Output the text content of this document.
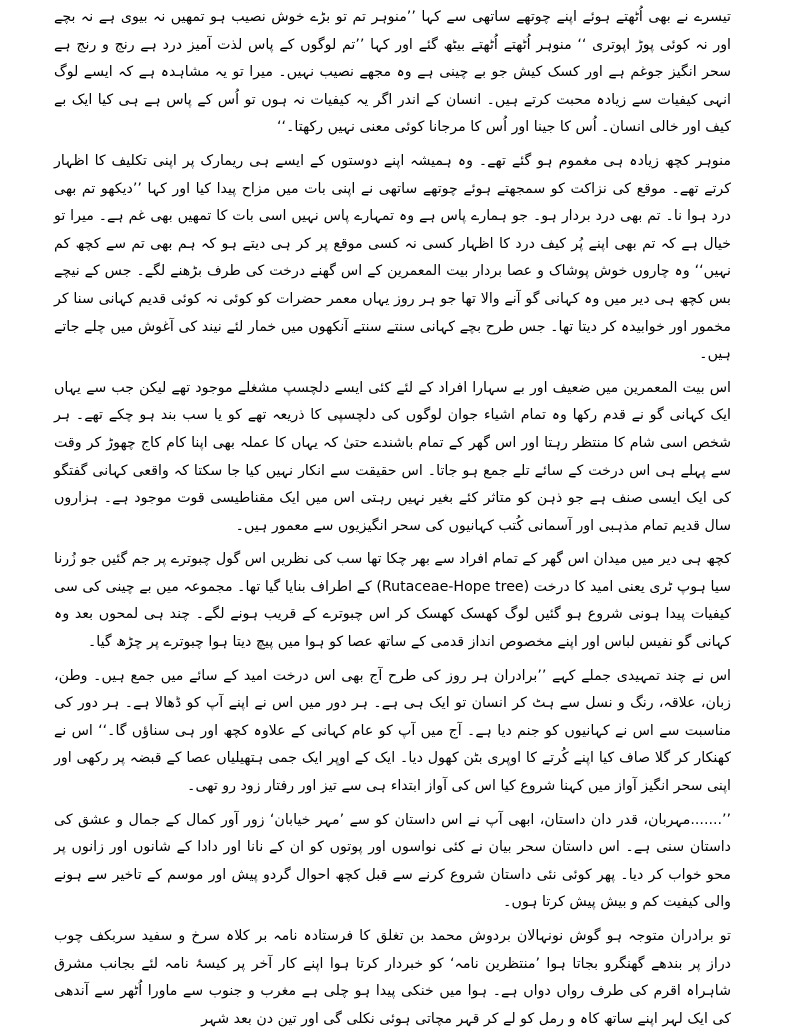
تیسرے نے بھی اُٹھتے ہوئے اپنے چوتھے ساتھی سے کہا ’’منوہر تم تو بڑے خوش نصیب ہو تمھیں نہ بیوی ہے نہ بچے اور نہ کوئی پوڑ اپوتری ‘‘ منوہر اُٹھتے اُٹھتے بیٹھ گئے اور کہا ’’تم لوگوں کے پاس لذت آمیز درد ہے رنج و رنج ہے سحر انگیز جوغم ہے اور کسک کیش جو بے چینی ہے وہ مجھے نصیب نہیں۔ میرا تو یہ مشاہدہ ہے کہ ایسے لوگ انہی کیفیات سے زیادہ محبت کرتے ہیں۔ انسان کے اندر اگر یہ کیفیات نہ ہوں تو اُس کے پاس ہے ہی کیا ایک بے کیف اور خالی انسان۔ اُس کا جینا اور اُس کا مرجانا کوئی معنی نہیں رکھتا۔‘‘

منوہر کچھ زیادہ ہی مغموم ہو گئے تھے۔ وہ ہمیشہ اپنے دوستوں کے ایسے ہی ریمارک پر اپنی تکلیف کا اظہار کرتے تھے۔ موقع کی نزاکت کو سمجھتے ہوئے چوتھے ساتھی نے اپنی بات میں مزاح پیدا کیا اور کہا ’’دیکھو تم بھی درد ہوا نا۔ تم بھی درد بردار ہو۔ جو ہمارے پاس ہے وہ تمہارے پاس نہیں اسی بات کا تمھیں بھی غم ہے۔ میرا تو خیال ہے کہ تم بھی اپنے پُر کیف درد کا اظہار کسی نہ کسی موقع پر کر ہی دیتے ہو کہ ہم بھی تم سے کچھ کم نہیں‘‘ وہ چاروں خوش پوشاک و عصا بردار بیت المعمرین کے اس گھنے درخت کی طرف بڑھنے لگے۔ جس کے نیچے بس کچھ ہی دیر میں وہ کہانی گو آنے والا تھا جو ہر روز یہاں معمر حضرات کو کوئی نہ کوئی قدیم کہانی سنا کر مخمور اور خوابیدہ کر دیتا تھا۔ جس طرح بچے کہانی سنتے سنتے آنکھوں میں خمار لئے نیند کی آغوش میں چلے جاتے ہیں۔

اس بیت المعمرین میں ضعیف اور بے سہارا افراد کے لئے کئی ایسے دلچسپ مشغلے موجود تھے لیکن جب سے یہاں ایک کہانی گو نے قدم رکھا وہ تمام اشیاء جوان لوگوں کی دلچسپی کا ذریعہ تھے کو یا سب بند ہو چکے تھے۔ ہر شخص اسی شام کا منتظر رہتا اور اس گھر کے تمام باشندے حتیٰ کہ یہاں کا عملہ بھی اپنا کام کاج چھوڑ کر وقت سے پہلے ہی اس درخت کے سائے تلے جمع ہو جاتا۔ اس حقیقت سے انکار نہیں کیا جا سکتا کہ واقعی کہانی گفتگو کی ایک ایسی صنف ہے جو ذہن کو متاثر کئے بغیر نہیں رہتی اس میں ایک مقناطیسی قوت موجود ہے۔ ہزاروں سال قدیم تمام مذہبی اور آسمانی کُتب کہانیوں کی سحر انگیزیوں سے معمور ہیں۔

کچھ ہی دیر میں میدان اس گھر کے تمام افراد سے بھر چکا تھا سب کی نظریں اس گول چبوترے پر جم گئیں جو زُرنا سیا ہوپ ٹری یعنی امید کا درخت (Rutaceae-Hope tree) کے اطراف بنایا گیا تھا۔ مجموعہ میں بے چینی کی سی کیفیات پیدا ہونی شروع ہو گئیں لوگ کھسک کھسک کر اس چبوترے کے قریب ہونے لگے۔ چند ہی لمحوں بعد وہ کہانی گو نفیس لباس اور اپنے مخصوص انداز قدمی کے ساتھ عصا کو ہوا میں پیچ دیتا ہوا چبوترے پر چڑھ گیا۔

اس نے چند تمہیدی جملے کہے ’’برادران ہر روز کی طرح آج بھی اس درخت امید کے سائے میں جمع ہیں۔ وطن، زبان، علاقہ، رنگ و نسل سے ہٹ کر انسان تو ایک ہی ہے۔ ہر دور میں اس نے اپنے آپ کو ڈھالا ہے۔ ہر دور کی مناسبت سے اس نے کہانیوں کو جنم دیا ہے۔ آج میں آپ کو عام کہانی کے علاوہ کچھ اور ہی سناؤں گا۔‘‘ اس نے کھنکار کر گلا صاف کیا اپنے کُرتے کا اوپری بٹن کھول دیا۔ ایک کے اوپر ایک جمی ہتھیلیاں عصا کے قبضہ پر رکھی اور اپنی سحر انگیز آواز میں کہنا شروع کیا اس کی آواز ابتداء ہی سے تیز اور رفتار زود رو تھی۔

’’.......مہربان، قدر دان داستان، ابھی آپ نے اس داستان کو سے ’مہر خیابان‘ زور آور کمال کے جمال و عشق کی داستان سنی ہے۔ اس داستان سحر بیان نے کئی نواسوں اور پوتوں کو ان کے نانا اور دادا کے شانوں اور زانوں پر محو خواب کر دیا۔ پھر کوئی نئی داستان شروع کرنے سے قبل کچھ احوال گردو پیش اور موسم کے تاخیر سے ہونے والی کیفیت کم و بیش پیش کرتا ہوں۔

تو برادران متوجہ ہو گوش نونہالان بردوش محمد بن تغلق کا فرستادہ نامہ بر کلاہ سرخ و سفید سربکف چوب دراز پر بندھے گھنگرو بجاتا ہوا ’منتظرین نامہ‘ کو خبردار کرتا ہوا اپنے کار آخر پر کیسۂ نامہ لئے بجانب مشرق شاہراہ اقرم کی طرف رواں دواں ہے۔ ہوا میں خنکی پیدا ہو چلی ہے مغرب و جنوب سے ماورا اُٹھر سے آندھی کی ایک لہر اپنے ساتھ کاہ و رمل کو لے کر قہر مچاتی ہوئی نکلی گی اور تین دن بعد شہر
